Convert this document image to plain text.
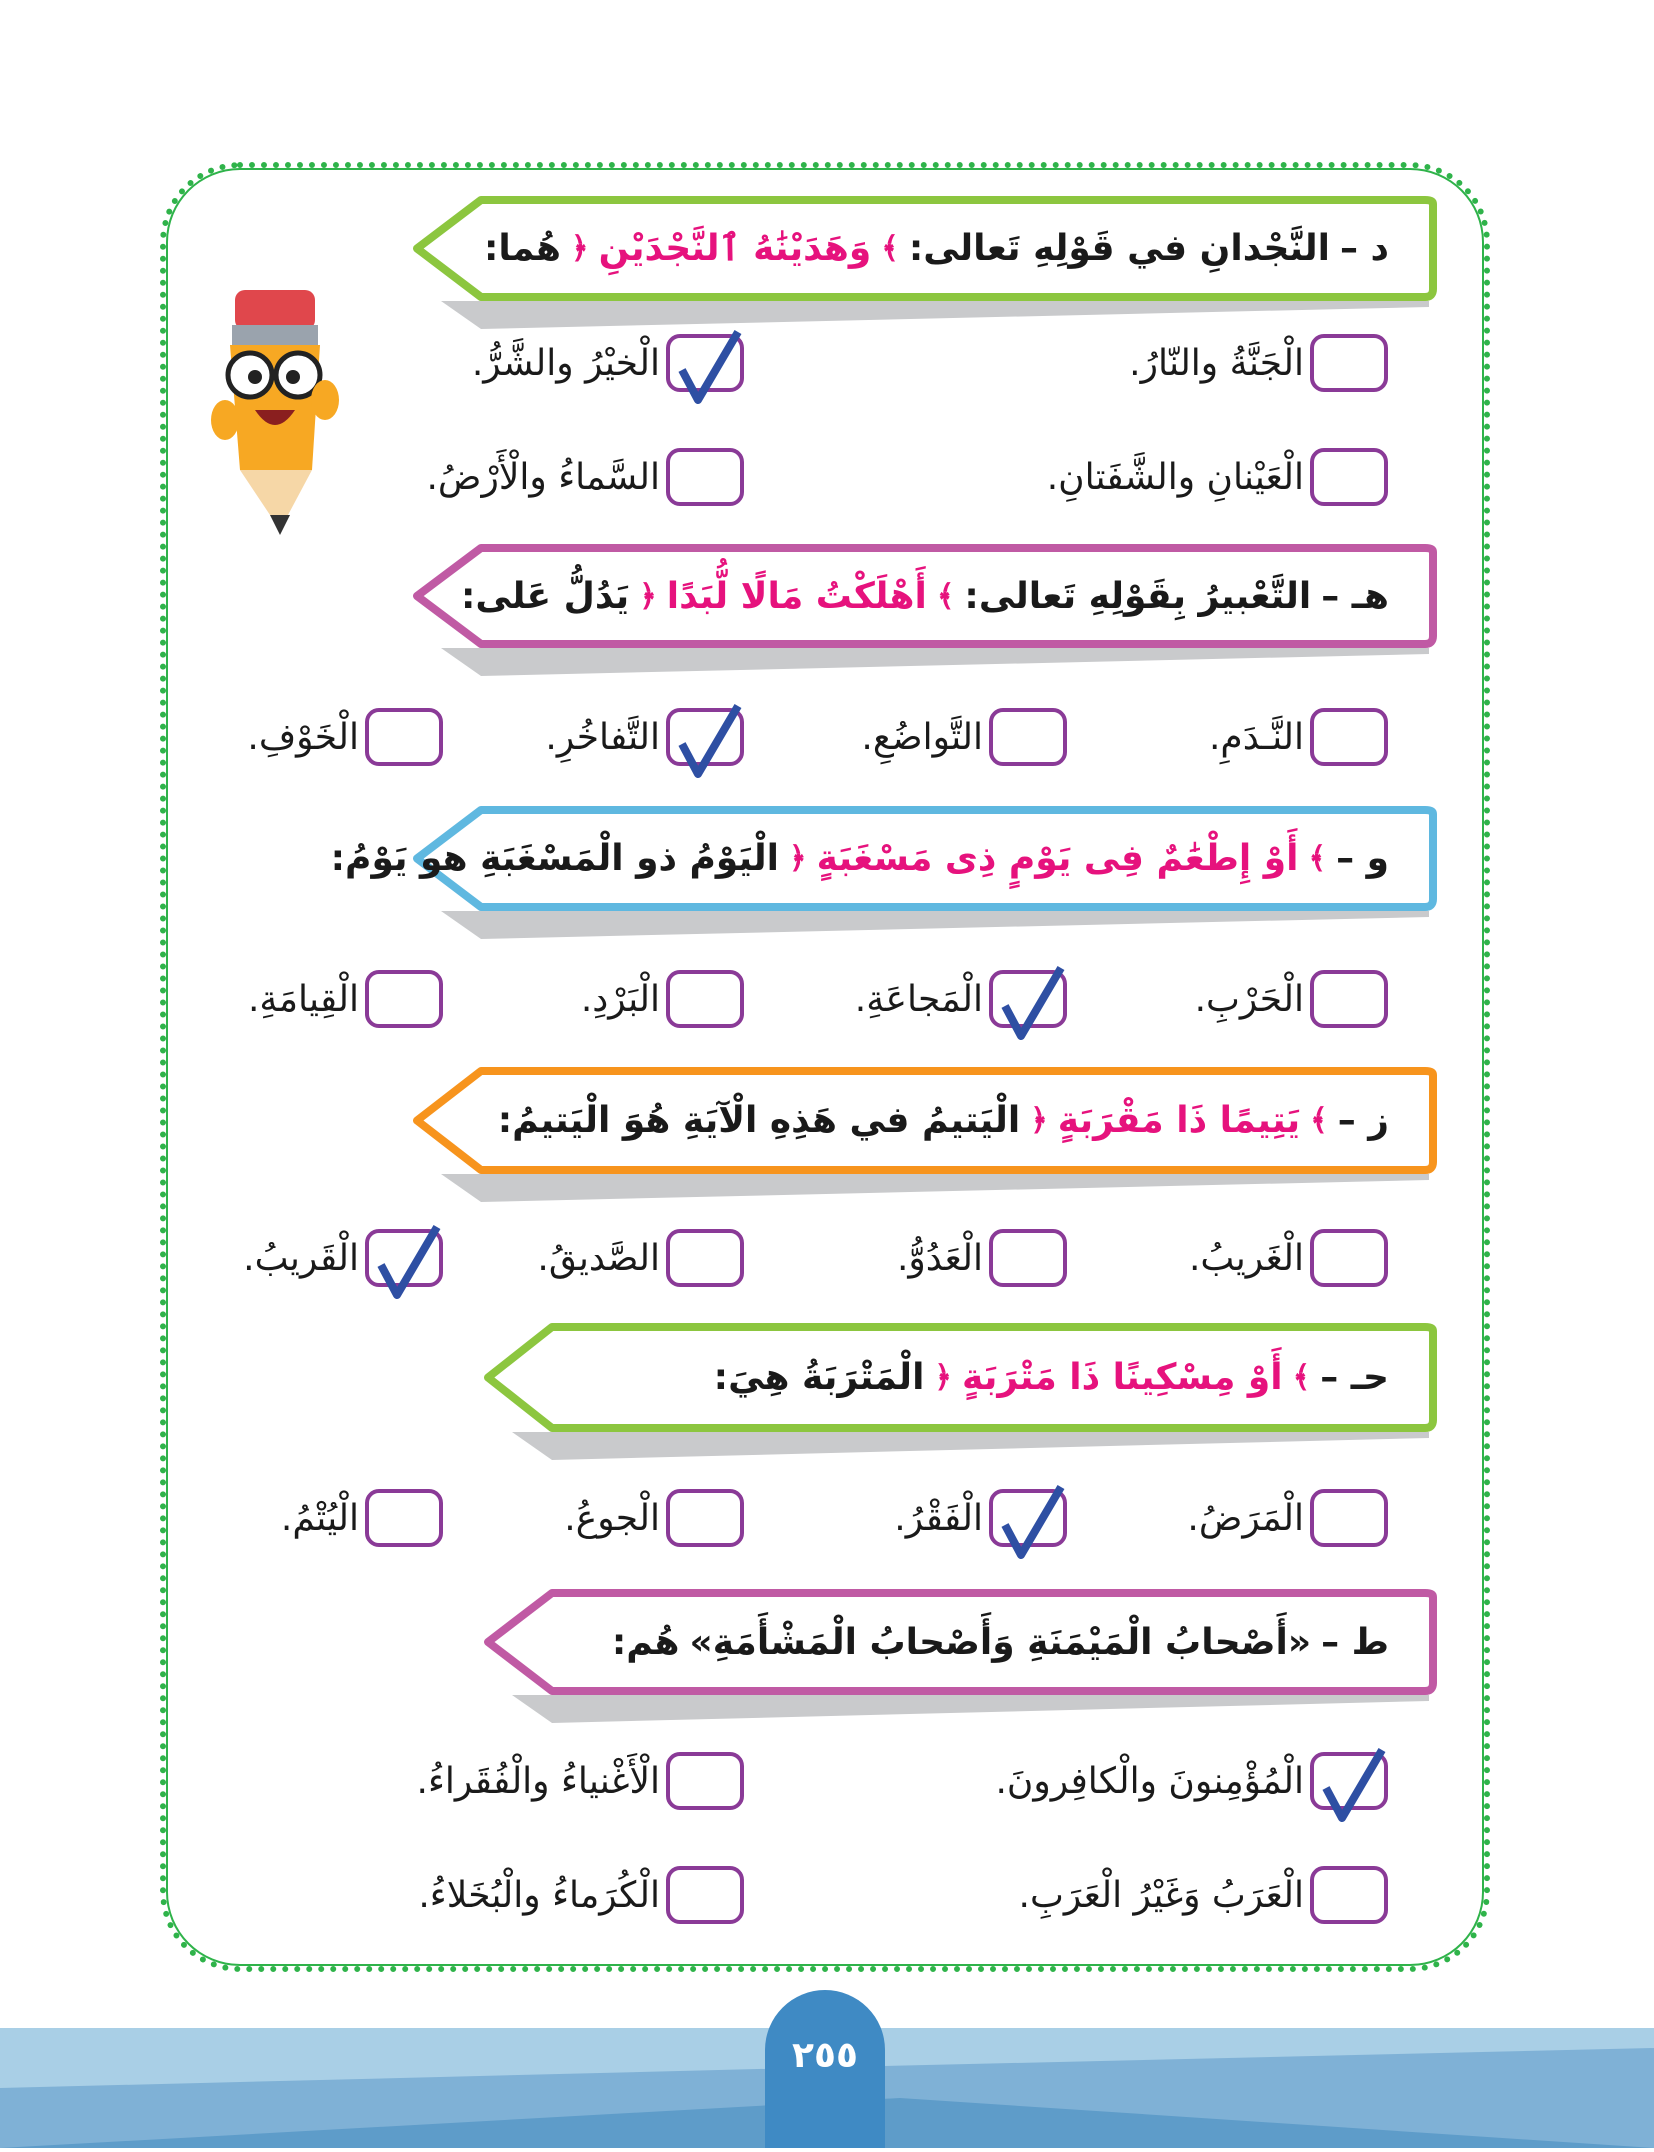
د –
النَّجْدانِ في قَوْلِهِ تَعالى:
﴾
وَهَدَيْنَٰهُ ٱلنَّجْدَيْنِ
﴿
هُما:
الْجَنَّةُ والنّارُ.
الْخيْرُ والشَّرُّ.
الْعَيْنانِ والشَّفَتانِ.
السَّماءُ والْأَرْضُ.
هـ –
التَّعْبيرُ بِقَوْلِهِ تَعالى:
﴾
أَهْلَكْتُ مَالًا لُّبَدًا
﴿
يَدُلُّ عَلى:
النَّـدَمِ.
التَّواضُعِ.
التَّفاخُرِ.
الْخَوْفِ.
و –
﴾
أَوْ إِطْعَٰمٌ فِى يَوْمٍ ذِى مَسْغَبَةٍ
﴿
الْيَوْمُ ذو الْمَسْغَبَةِ هو يَوْمُ:
الْحَرْبِ.
الْمَجاعَةِ.
الْبَرْدِ.
الْقِيامَةِ.
ز –
﴾
يَتِيمًا ذَا مَقْرَبَةٍ
﴿
الْيَتيمُ في هَذِهِ الْآيَةِ هُوَ الْيَتيمُ:
الْغَريبُ.
الْعَدُوُّ.
الصَّديقُ.
الْقَريبُ.
حـ –
﴾
أَوْ مِسْكِينًا ذَا مَتْرَبَةٍ
﴿
الْمَتْرَبَةُ هِيَ:
الْمَرَضُ.
الْفَقْرُ.
الْجوعُ.
الْيُتْمُ.
ط –
«أَصْحابُ الْمَيْمَنَةِ وَأَصْحابُ الْمَشْأَمَةِ»
هُم:
الْمُؤْمِنونَ والْكافِرونَ.
الْأَغْنياءُ والْفُقَراءُ.
الْعَرَبُ وَغَيْرُ الْعَرَبِ.
الْكُرَماءُ والْبُخَلاءُ.
٢٥٥
